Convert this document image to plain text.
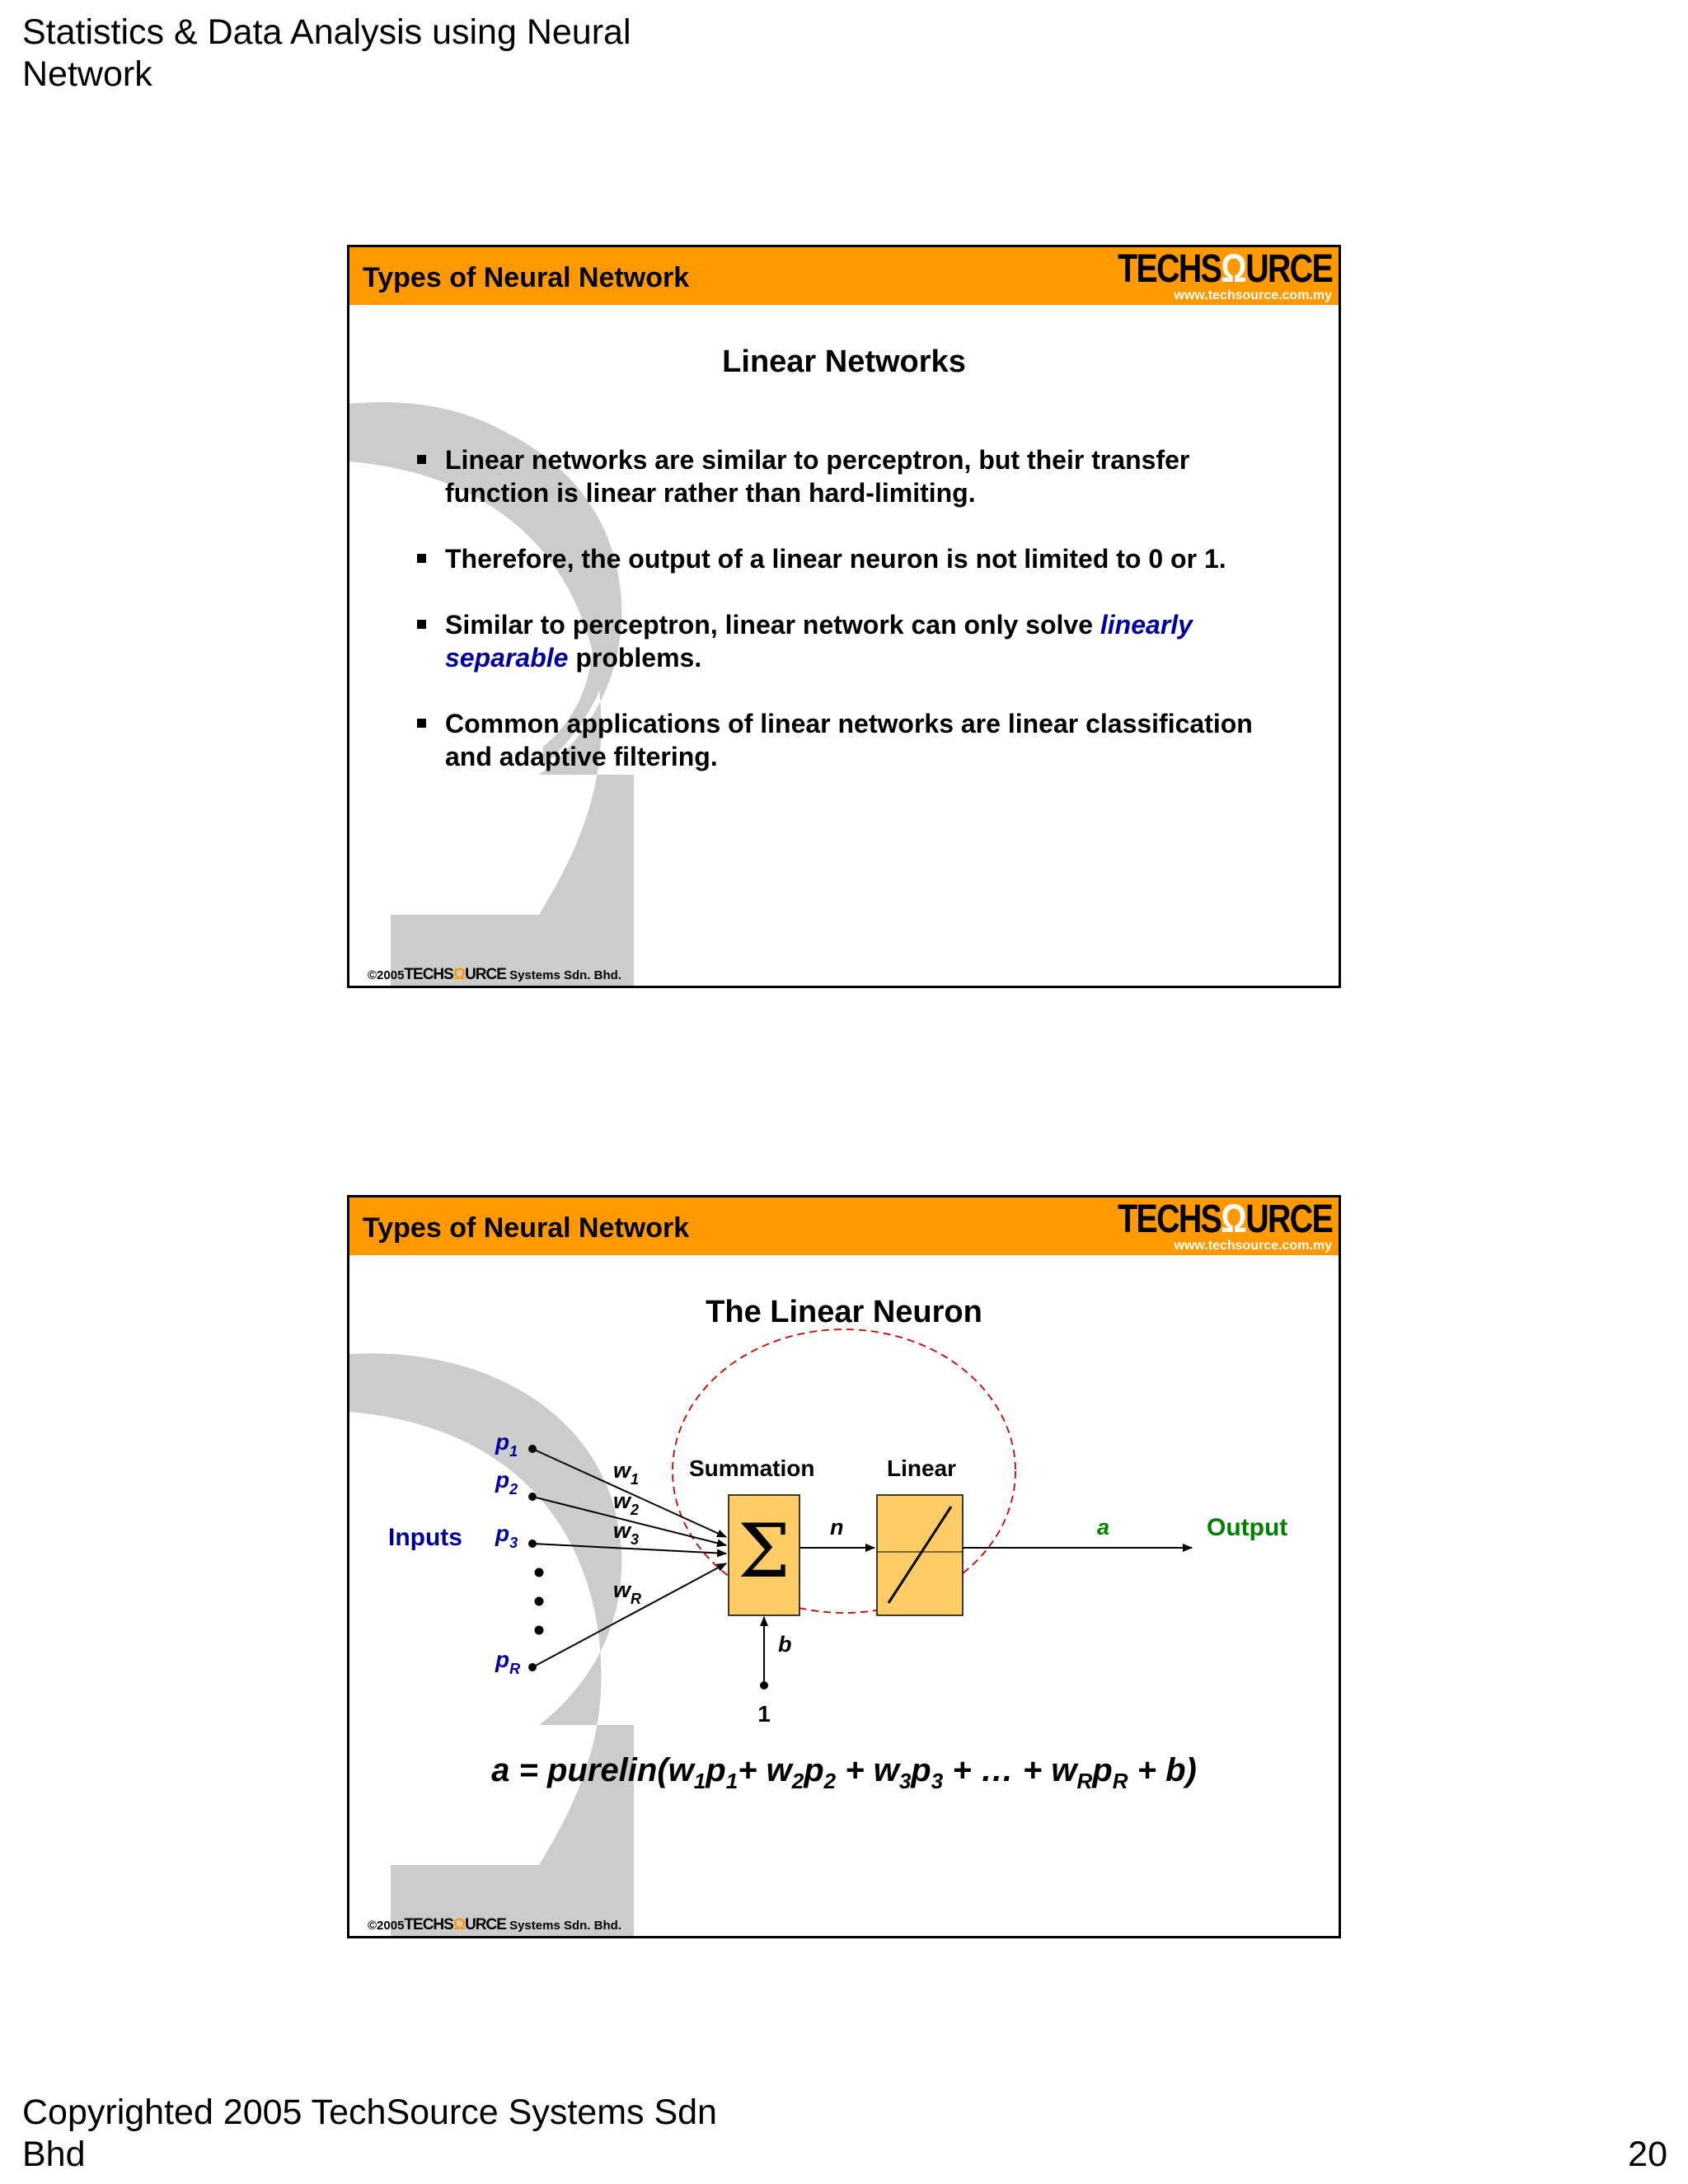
Statistics & Data Analysis using Neural Network
Types of Neural Network	TECHSΩURCE
www.techsource.com.my
Linear Networks
Linear networks are similar to perceptron, but their transfer function is linear rather than hard-limiting.
Therefore, the output of a linear neuron is not limited to 0 or 1.
Similar to perceptron, linear network can only solve linearly separable problems.
Common applications of linear networks are linear classification and adaptive filtering.
©2005TECHSΩURCE Systems Sdn. Bhd.
Types of Neural Network	TECHSΩURCE
www.techsource.com.my
The Linear Neuron
Inputs
$p_1$
$p_2$
$p_3$
$p_R$
$w_1$
$w_2$
$w_3$
$w_R$
Summation
Σ n
Linear
b
1
a	Output
$a = purelin(w_1p_1+ w_2p_2 + w_3p_3$ + … + $w_Rp_R + b$)
©2005TECHSΩURCE Systems Sdn. Bhd.
Copyrighted 2005 TechSource Systems Sdn Bhd	20
